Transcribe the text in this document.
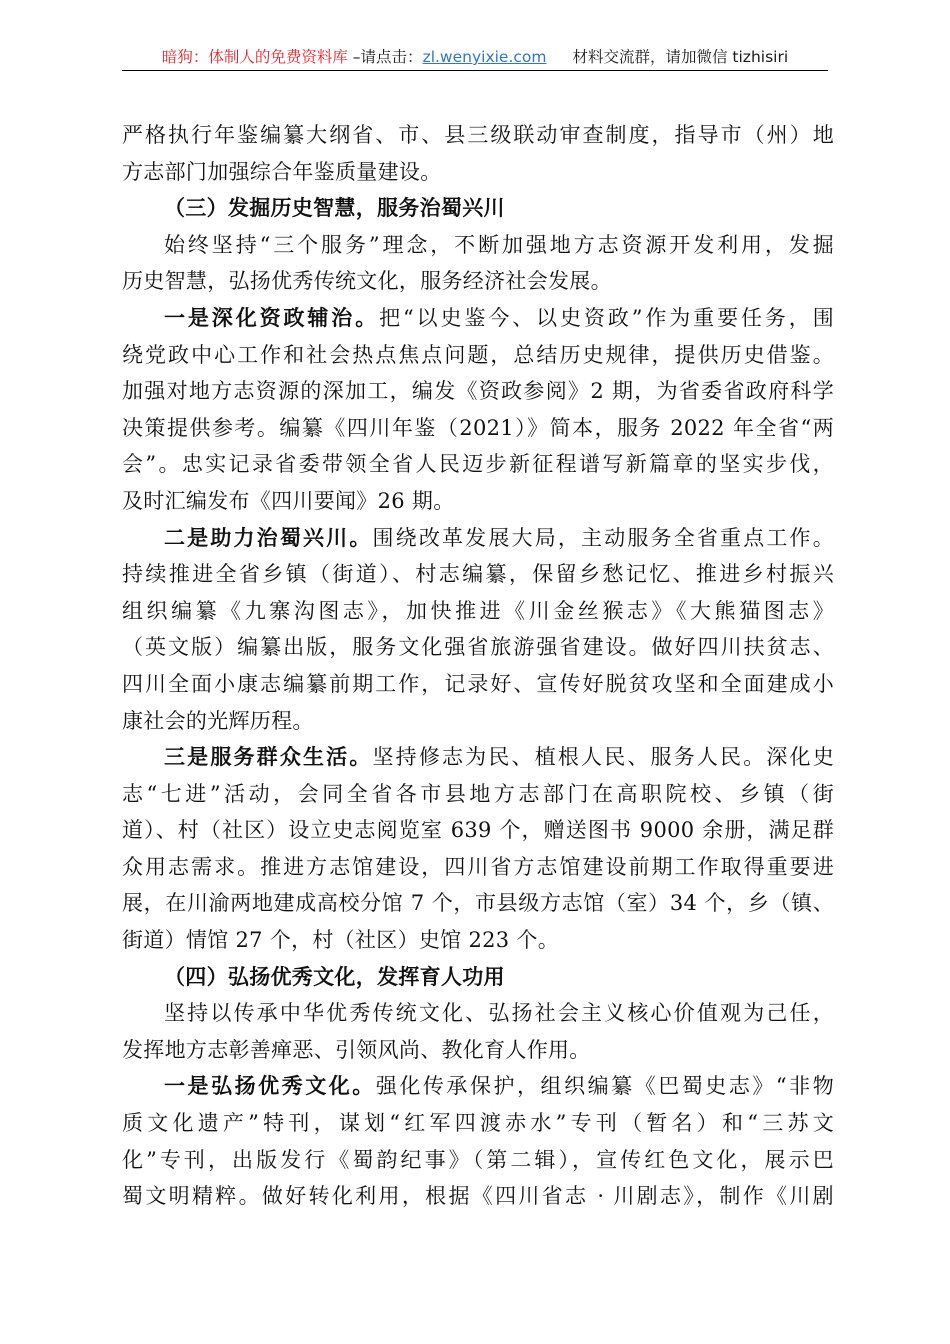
暗狗：体制人的免费资料库 –请点击：zl.wenyixie.com 材料交流群，请加微信 tizhisiri
严格执行年鉴编纂大纲省、市、县三级联动审查制度，指导市（州）地
方志部门加强综合年鉴质量建设。
（三）发掘历史智慧，服务治蜀兴川
始终坚持“三个服务”理念，不断加强地方志资源开发利用，发掘
历史智慧，弘扬优秀传统文化，服务经济社会发展。
一是深化资政辅治。把“以史鉴今、以史资政”作为重要任务，围
绕党政中心工作和社会热点焦点问题，总结历史规律，提供历史借鉴。
加强对地方志资源的深加工，编发《资政参阅》2 期，为省委省政府科学
决策提供参考。编纂《四川年鉴（2021）》简本，服务 2022 年全省“两
会”。忠实记录省委带领全省人民迈步新征程谱写新篇章的坚实步伐，
及时汇编发布《四川要闻》26 期。
二是助力治蜀兴川。围绕改革发展大局，主动服务全省重点工作。
持续推进全省乡镇（街道）、村志编纂，保留乡愁记忆、推进乡村振兴
组织编纂《九寨沟图志》，加快推进《川金丝猴志》《大熊猫图志》
（英文版）编纂出版，服务文化强省旅游强省建设。做好四川扶贫志、
四川全面小康志编纂前期工作，记录好、宣传好脱贫攻坚和全面建成小
康社会的光辉历程。
三是服务群众生活。坚持修志为民、植根人民、服务人民。深化史
志“七进”活动，会同全省各市县地方志部门在高职院校、乡镇（街
道）、村（社区）设立史志阅览室 639 个，赠送图书 9000 余册，满足群
众用志需求。推进方志馆建设，四川省方志馆建设前期工作取得重要进
展，在川渝两地建成高校分馆 7 个，市县级方志馆（室）34 个，乡（镇、
街道）情馆 27 个，村（社区）史馆 223 个。
（四）弘扬优秀文化，发挥育人功用
坚持以传承中华优秀传统文化、弘扬社会主义核心价值观为己任，
发挥地方志彰善瘅恶、引领风尚、教化育人作用。
一是弘扬优秀文化。强化传承保护，组织编纂《巴蜀史志》“非物
质文化遗产”特刊，谋划“红军四渡赤水”专刊（暂名）和“三苏文
化”专刊，出版发行《蜀韵纪事》（第二辑），宣传红色文化，展示巴
蜀文明精粹。做好转化利用，根据《四川省志 · 川剧志》，制作《川剧
